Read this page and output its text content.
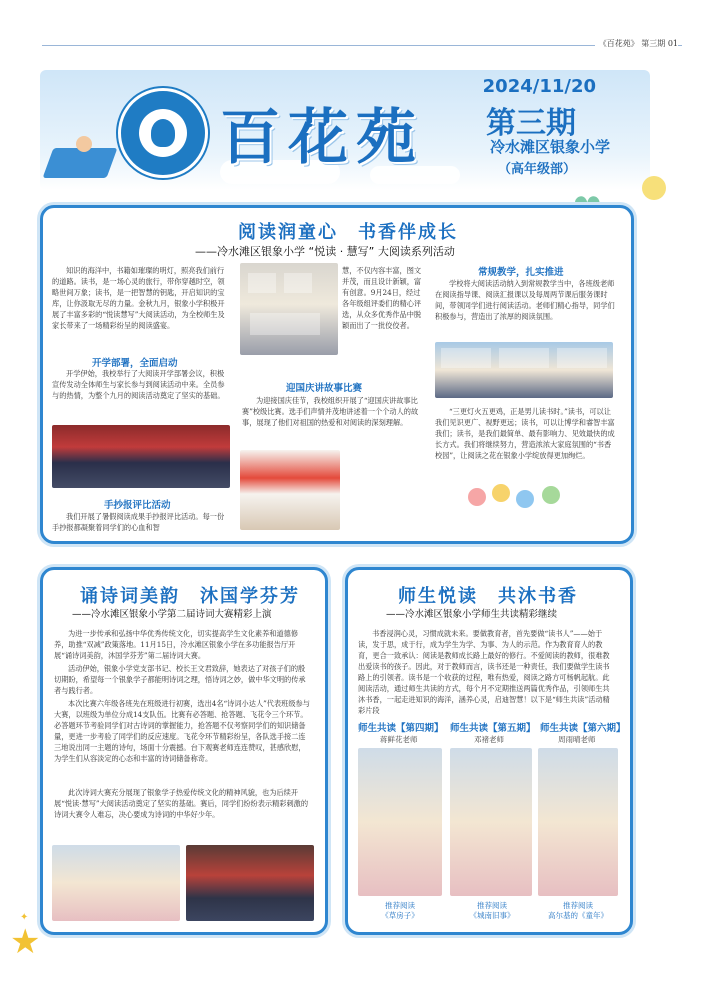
《百花苑》 第三期 01
百花苑
2024/11/20
第三期
冷水滩区银象小学
（高年级部）
阅读润童心　书香伴成长
——冷水滩区银象小学 “悦读 · 慧写” 大阅读系列活动

知识的海洋中，书籍如璀璨的明灯，照亮我们前行的道路。读书，是一场心灵的旅行，带你穿越时空，领略世间万象；读书，是一把智慧的钥匙，开启知识的宝库，让你汲取无尽的力量。金秋九月，银象小学积极开展了丰富多彩的“悦读慧写”大阅读活动，为全校师生及家长带来了一场精彩纷呈的阅读盛宴。

开学部署，全面启动

开学伊始，我校举行了大阅读开学部署会议，积极宣传发动全体师生与家长参与到阅读活动中来。全员参与的热情，为整个九月的阅读活动奠定了坚实的基础。

手抄报评比活动

我们开展了暑假阅读成果手抄报评比活动。每一份手抄报都凝聚着同学们的心血和智

慧，不仅内容丰富，图文并茂，而且设计新颖，富有创意。9月24日，经过各年级组评委们的精心评选，从众多优秀作品中脱颖而出了一批佼佼者。

迎国庆讲故事比赛

为迎接国庆佳节，我校组织开展了“迎国庆讲故事比赛”校级比赛。选手们声情并茂地讲述着一个个动人的故事，展现了他们对祖国的热爱和对阅读的深刻理解。

常规教学，扎实推进

学校将大阅读活动纳入到常规教学当中，各班级老师在阅读指导课、阅读汇报课以及每周两节课后服务课时间，带领同学们进行阅读活动。老师们精心指导，同学们积极参与，营造出了浓厚的阅读氛围。

“三更灯火五更鸡，正是男儿读书时。”读书，可以让我们见识更广、视野更远；读书，可以让博学和睿智丰富我们；读书，是我们最简单、最有影响力、见效最快的成长方式。我们将继续努力，营造浓浓大家庭氛围的“书香校园”，让阅读之花在银象小学绽放得更加绚烂。

诵诗词美韵　沐国学芬芳
——冷水滩区银象小学第二届诗词大赛精彩上演

为进一步传承和弘扬中华优秀传统文化，切实提高学生文化素养和道德修养，助推“双减”政策落地。11月15日，冷水滩区银象小学在多功能报告厅开展“诵诗词美韵，沐国学芬芳”第二届诗词大赛。

活动伊始，银象小学党支部书记、校长王文君致辞，她表达了对孩子们的殷切期盼，希望每一个银象学子都能明诗词之理，悟诗词之妙，做中华文明的传承者与践行者。

本次比赛六年级各班先在班级进行初赛，选出4名“诗词小达人”代表班级参与大赛，以班级为单位分成14支队伍。比赛有必答题、抢答题、飞花令三个环节。必答题环节考验同学们对古诗词的掌握能力，抢答题不仅考察同学们的知识储备量，更进一步考验了同学们的反应速度。飞花令环节精彩纷呈，各队选手接二连三地说出同一主题的诗句，场面十分震撼。台下观赛老师连连赞叹，甚感欣慰，为学生们从容淡定的心态和丰富的诗词储备称奇。

此次诗词大赛充分展现了银象学子热爱传统文化的精神风貌，也为后续开展“悦读·慧写”大阅读活动奠定了坚实的基础。赛后，同学们纷纷表示精彩刺激的诗词大赛令人难忘，决心要成为诗词的中华好少年。

师生悦读　共沐书香
——冷水滩区银象小学师生共读精彩继续

书香浸润心灵，习惯成就未来。要做教育者，首先要做“读书人”——始于读，发于思，成于行，成为学生为学、为事、为人的示范。作为教育育人的教育，更合一致承认：阅读是教师成长路上最好的修行。不爱阅读的教师，很难教出爱读书的孩子。因此，对于教师而言，读书还是一种责任，我们要做学生读书路上的引领者。读书是一个收获的过程，唯有热爱，阅读之路方可杨帆起航。此阅读活动，通过师生共读的方式，每个月不定期推送两篇优秀作品，引领师生共沐书香，一起走进知识的海洋，涵养心灵，启迪智慧！以下是“师生共读”活动精彩片段

师生共读【第四期】 师生共读【第五期】 师生共读【第六期】
蒋鲜花老师	邓褚老师	周雨晴老师
推荐阅读
《草房子》
推荐阅读
《城南旧事》
推荐阅读
高尔基的《童年》
★
✦
